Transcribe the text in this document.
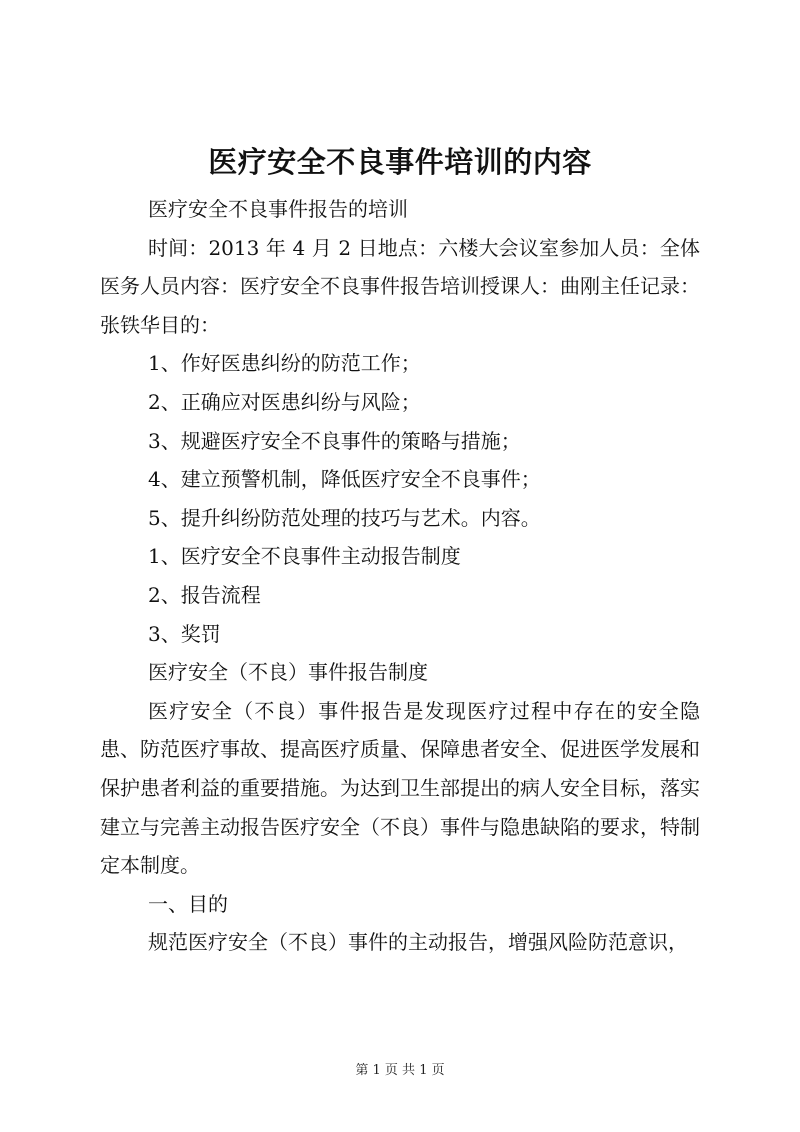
医疗安全不良事件培训的内容

医疗安全不良事件报告的培训

时间：2013 年 4 月 2 日地点：六楼大会议室参加人员：全体医务人员内容：医疗安全不良事件报告培训授课人：曲刚主任记录：张铁华目的：

1、作好医患纠纷的防范工作；

2、正确应对医患纠纷与风险；

3、规避医疗安全不良事件的策略与措施；

4、建立预警机制，降低医疗安全不良事件；

5、提升纠纷防范处理的技巧与艺术。内容。

1、医疗安全不良事件主动报告制度

2、报告流程

3、奖罚

医疗安全（不良）事件报告制度

医疗安全（不良）事件报告是发现医疗过程中存在的安全隐患、防范医疗事故、提高医疗质量、保障患者安全、促进医学发展和保护患者利益的重要措施。为达到卫生部提出的病人安全目标，落实建立与完善主动报告医疗安全（不良）事件与隐患缺陷的要求，特制定本制度。

一、目的

规范医疗安全（不良）事件的主动报告，增强风险防范意识，

第 1 页 共 1 页
